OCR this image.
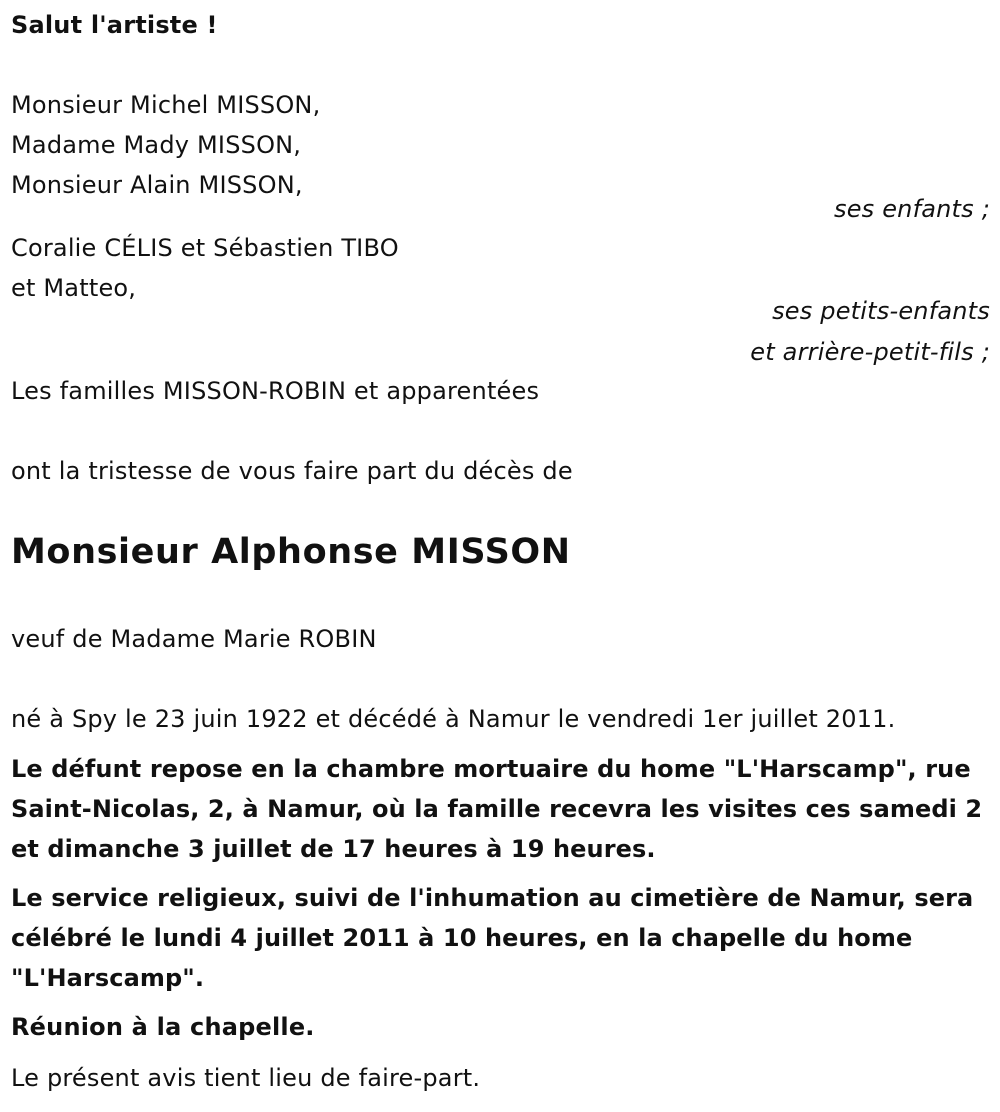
Salut l'artiste !
Monsieur Michel MISSON,
Madame Mady MISSON,
Monsieur Alain MISSON,
ses enfants ;
Coralie CÉLIS et Sébastien TIBO
et Matteo,
ses petits-enfants
et arrière-petit-fils ;
Les familles MISSON-ROBIN et apparentées
ont la tristesse de vous faire part du décès de
Monsieur Alphonse MISSON
veuf de Madame Marie ROBIN
né à Spy le 23 juin 1922 et décédé à Namur le vendredi 1er juillet 2011.
Le défunt repose en la chambre mortuaire du home "L'Harscamp", rue Saint-Nicolas, 2, à Namur, où la famille recevra les visites ces samedi 2 et dimanche 3 juillet de 17 heures à 19 heures.
Le service religieux, suivi de l'inhumation au cimetière de Namur, sera célébré le lundi 4 juillet 2011 à 10 heures, en la chapelle du home "L'Harscamp".
Réunion à la chapelle.
Le présent avis tient lieu de faire-part.
